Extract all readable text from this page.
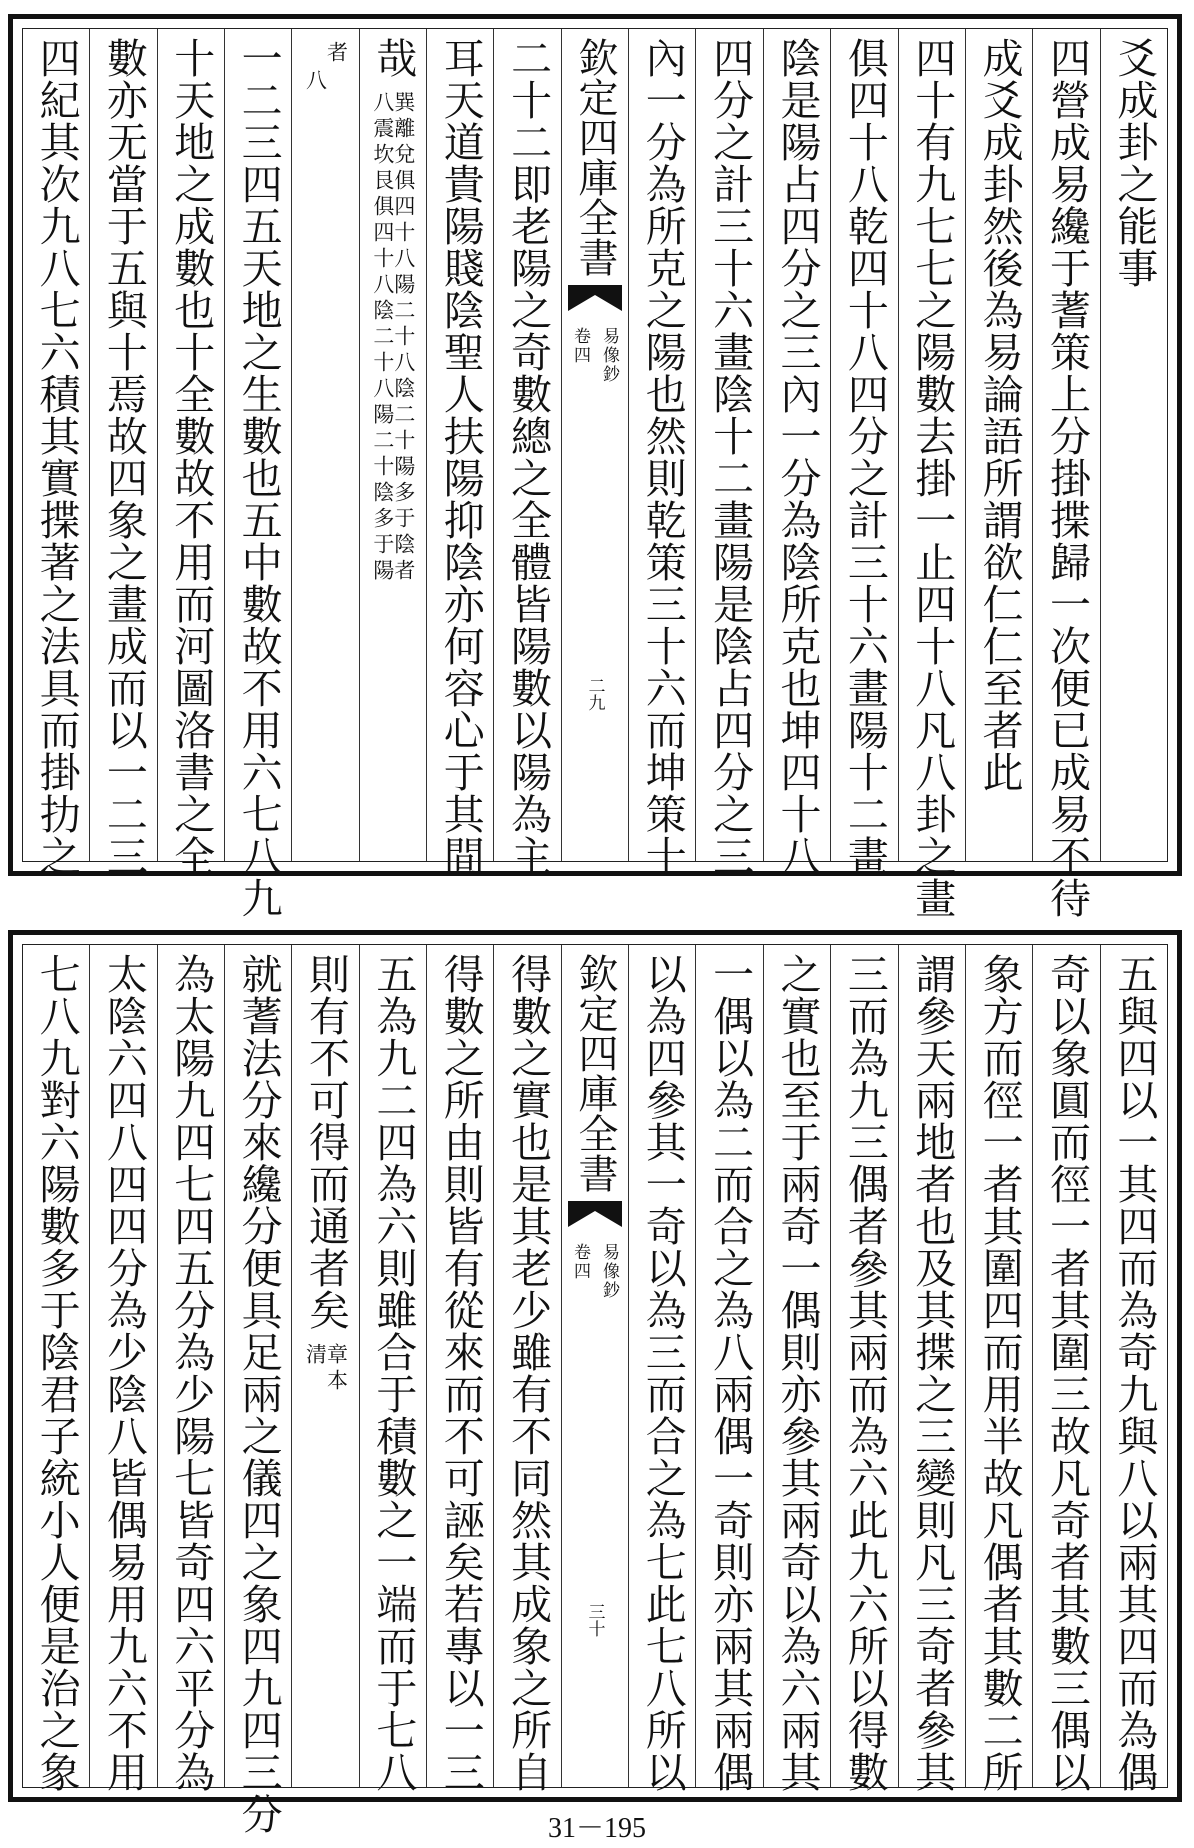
爻成卦之能事
四營成易纔于蓍策上分掛揲歸一次便已成易不待
成爻成卦然後為易論語所謂欲仁仁至者此
四十有九七七之陽數去掛一止四十八凡八卦之畫
俱四十八乾四十八四分之計三十六畫陽十二畫
陰是陽占四分之三內一分為陰所克也坤四十八
四分之計三十六畫陰十二畫陽是陰占四分之三
內一分為所克之陽也然則乾策三十六而坤策十
欽定四庫全書
易像鈔
卷四
二九
二十二即老陽之奇數總之全體皆陽數以陽為主
耳天道貴陽賤陰聖人扶陽抑陰亦何容心于其間
哉
巽離兌俱四十八陽二十八陰二十陽多于陰者
八震坎艮俱四十八陰二十八陽二十陰多于陽
者
八
一二三四五天地之生數也五中數故不用六七八九
十天地之成數也十全數故不用而河圖洛書之全
數亦无當于五與十焉故四象之畫成而以一二三
四紀其次九八七六積其實揲著之法具而掛扐之
五與四以一其四而為奇九與八以兩其四而為偶
奇以象圓而徑一者其圍三故凡奇者其數三偶以
象方而徑一者其圍四而用半故凡偶者其數二所
謂參天兩地者也及其揲之三變則凡三奇者參其
三而為九三偶者參其兩而為六此九六所以得數
之實也至于兩奇一偶則亦參其兩奇以為六兩其
一偶以為二而合之為八兩偶一奇則亦兩其兩偶
以為四參其一奇以為三而合之為七此七八所以
欽定四庫全書
易像鈔
卷四
三十
得數之實也是其老少雖有不同然其成象之所自
得數之所由則皆有從來而不可誣矣若專以一三
五為九二四為六則雖合于積數之一端而于七八
則有不可得而通者矣
章本
清
就蓍法分來纔分便具足兩之儀四之象四九四三分
為太陽九四七四五分為少陽七皆奇四六平分為
太陰六四八四四分為少陰八皆偶易用九六不用
七八九對六陽數多于陰君子統小人便是治之象
31－195
